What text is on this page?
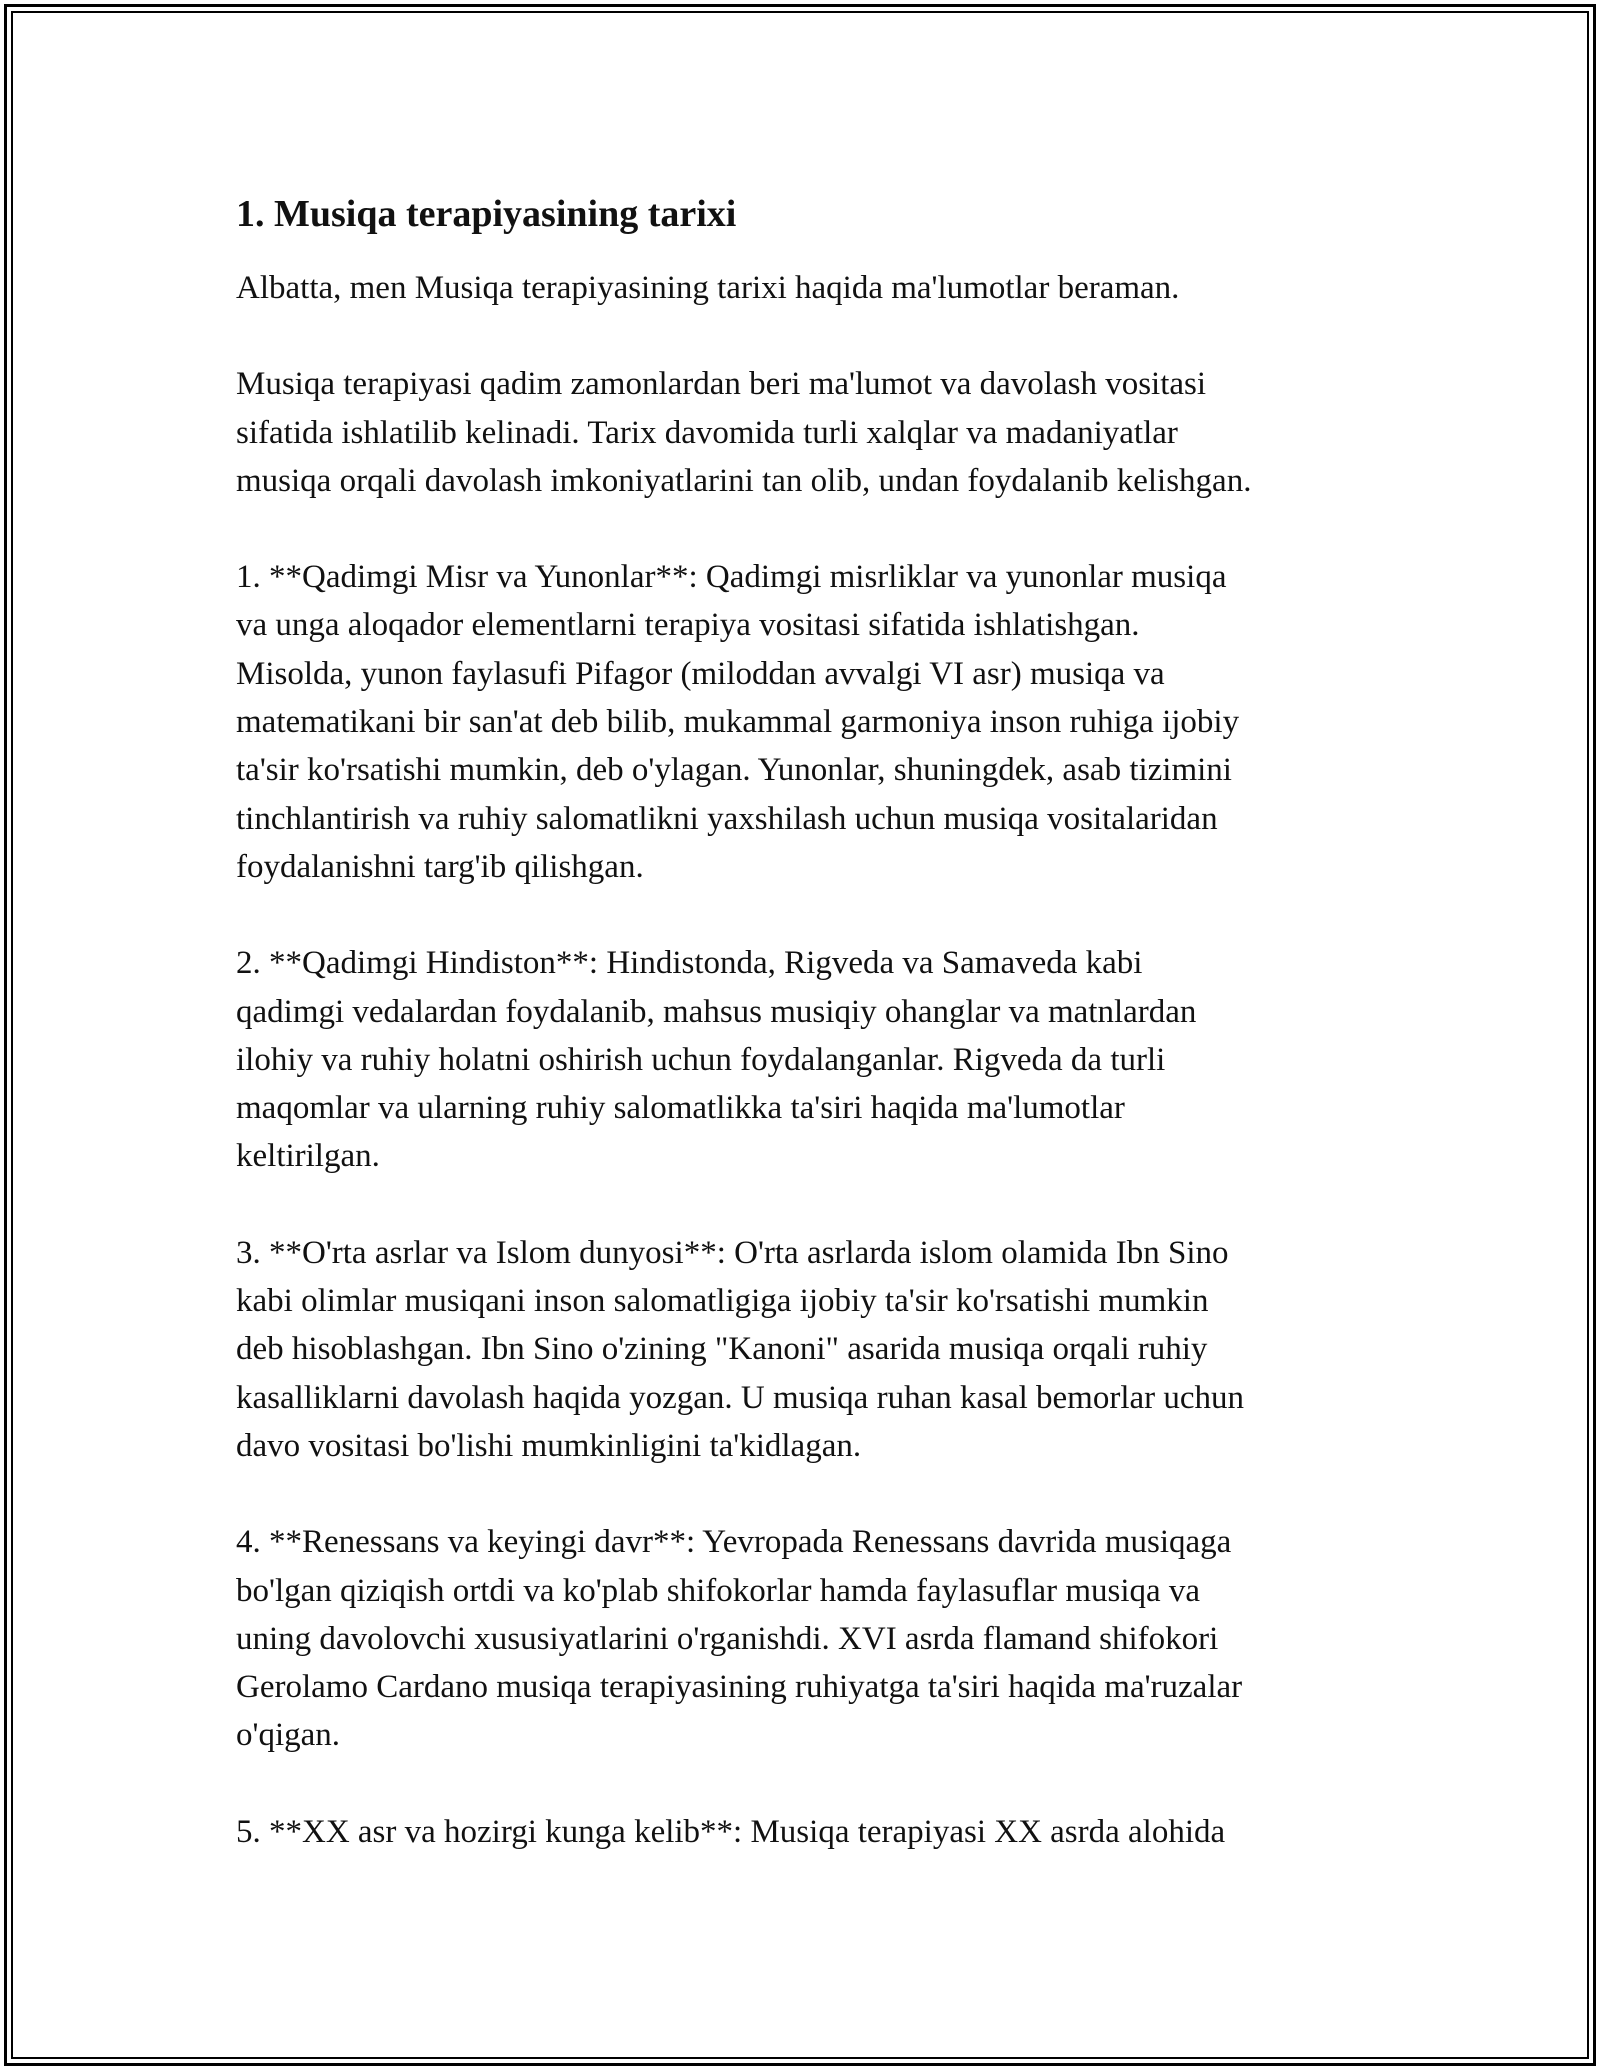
1. Musiqa terapiyasining tarixi

Albatta, men Musiqa terapiyasining tarixi haqida ma'lumotlar beraman.

Musiqa terapiyasi qadim zamonlardan beri ma'lumot va davolash vositasi
sifatida ishlatilib kelinadi. Tarix davomida turli xalqlar va madaniyatlar
musiqa orqali davolash imkoniyatlarini tan olib, undan foydalanib kelishgan.

1. **Qadimgi Misr va Yunonlar**: Qadimgi misrliklar va yunonlar musiqa
va unga aloqador elementlarni terapiya vositasi sifatida ishlatishgan.
Misolda, yunon faylasufi Pifagor (miloddan avvalgi VI asr) musiqa va
matematikani bir san'at deb bilib, mukammal garmoniya inson ruhiga ijobiy
ta'sir ko'rsatishi mumkin, deb o'ylagan. Yunonlar, shuningdek, asab tizimini
tinchlantirish va ruhiy salomatlikni yaxshilash uchun musiqa vositalaridan
foydalanishni targ'ib qilishgan.

2. **Qadimgi Hindiston**: Hindistonda, Rigveda va Samaveda kabi
qadimgi vedalardan foydalanib, mahsus musiqiy ohanglar va matnlardan
ilohiy va ruhiy holatni oshirish uchun foydalanganlar. Rigveda da turli
maqomlar va ularning ruhiy salomatlikka ta'siri haqida ma'lumotlar
keltirilgan.

3. **O'rta asrlar va Islom dunyosi**: O'rta asrlarda islom olamida Ibn Sino
kabi olimlar musiqani inson salomatligiga ijobiy ta'sir ko'rsatishi mumkin
deb hisoblashgan. Ibn Sino o'zining "Kanoni" asarida musiqa orqali ruhiy
kasalliklarni davolash haqida yozgan. U musiqa ruhan kasal bemorlar uchun
davo vositasi bo'lishi mumkinligini ta'kidlagan.

4. **Renessans va keyingi davr**: Yevropada Renessans davrida musiqaga
bo'lgan qiziqish ortdi va ko'plab shifokorlar hamda faylasuflar musiqa va
uning davolovchi xususiyatlarini o'rganishdi. XVI asrda flamand shifokori
Gerolamo Cardano musiqa terapiyasining ruhiyatga ta'siri haqida ma'ruzalar
o'qigan.

5. **XX asr va hozirgi kunga kelib**: Musiqa terapiyasi XX asrda alohida
